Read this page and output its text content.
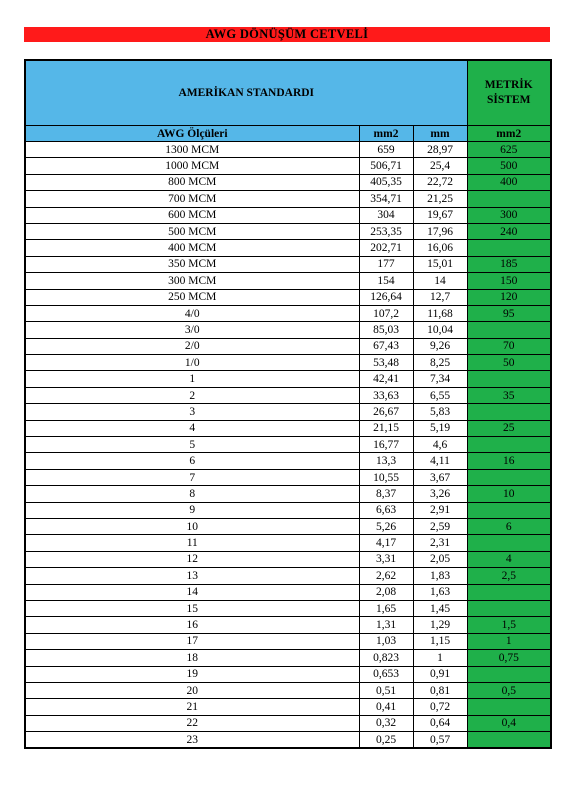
AWG DÖNÜŞÜM CETVELİ
AMERİKAN STANDARDI			METRİK
SİSTEM

AWG Ölçüleri	mm2	mm	mm2
1300 MCM	659	28,97	625
1000 MCM	506,71	25,4	500
800 MCM	405,35	22,72	400
700 MCM	354,71	21,25	
600 MCM	304	19,67	300
500 MCM	253,35	17,96	240
400 MCM	202,71	16,06	
350 MCM	177	15,01	185
300 MCM	154	14	150
250 MCM	126,64	12,7	120
4/0	107,2	11,68	95
3/0	85,03	10,04	
2/0	67,43	9,26	70
1/0	53,48	8,25	50
1	42,41	7,34	
2	33,63	6,55	35
3	26,67	5,83	
4	21,15	5,19	25
5	16,77	4,6	
6	13,3	4,11	16
7	10,55	3,67	
8	8,37	3,26	10
9	6,63	2,91	
10	5,26	2,59	6
11	4,17	2,31	
12	3,31	2,05	4
13	2,62	1,83	2,5
14	2,08	1,63	
15	1,65	1,45	
16	1,31	1,29	1,5
17	1,03	1,15	1
18	0,823	1	0,75
19	0,653	0,91	
20	0,51	0,81	0,5
21	0,41	0,72	
22	0,32	0,64	0,4
23	0,25	0,57	
